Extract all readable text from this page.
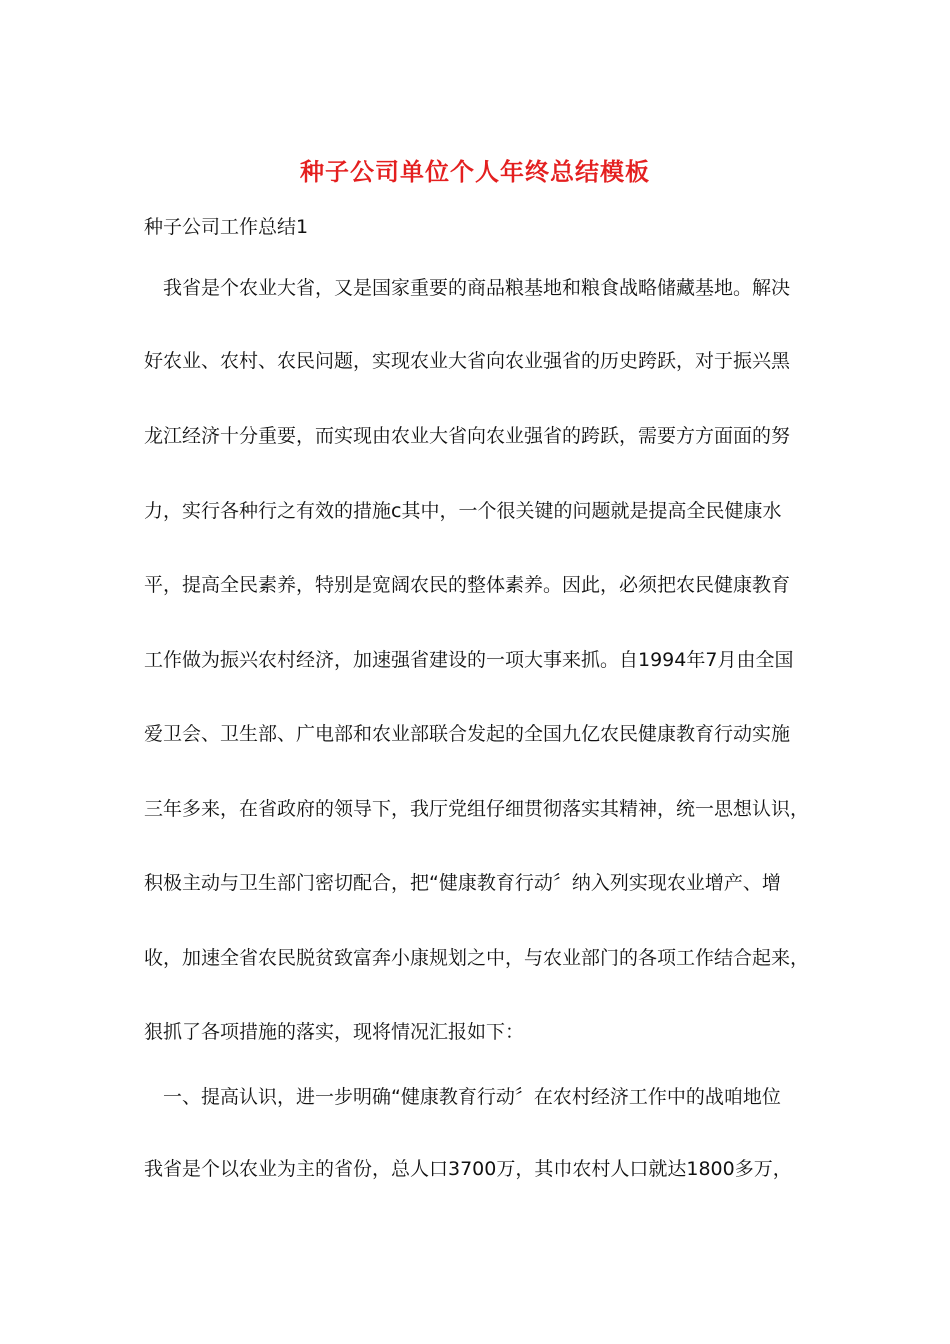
种子公司单位个人年终总结模板
种子公司工作总结1
　我省是个农业大省，又是国家重要的商品粮基地和粮食战略储藏基地。解决
好农业、农村、农民问题，实现农业大省向农业强省的历史跨跃，对于振兴黑
龙江经济十分重要，而实现由农业大省向农业强省的跨跃，需要方方面面的努
力，实行各种行之有效的措施c其中，一个很关键的问题就是提高全民健康水
平，提高全民素养，特别是宽阔农民的整体素养。因此，必须把农民健康教育
工作做为振兴农村经济，加速强省建设的一项大事来抓。自1994年7月由全国
爱卫会、卫生部、广电部和农业部联合发起的全国九亿农民健康教育行动实施
三年多来，在省政府的领导下，我厅党组仔细贯彻落实其精神，统一思想认识，
积极主动与卫生部门密切配合，把“健康教育行动〞纳入列实现农业增产、增
收，加速全省农民脱贫致富奔小康规划之中，与农业部门的各项工作结合起来，
狠抓了各项措施的落实，现将情况汇报如下：
　一、提高认识，进一步明确“健康教育行动〞在农村经济工作中的战咱地位
我省是个以农业为主的省份，总人口3700万，其巾农村人口就达1800多万，
